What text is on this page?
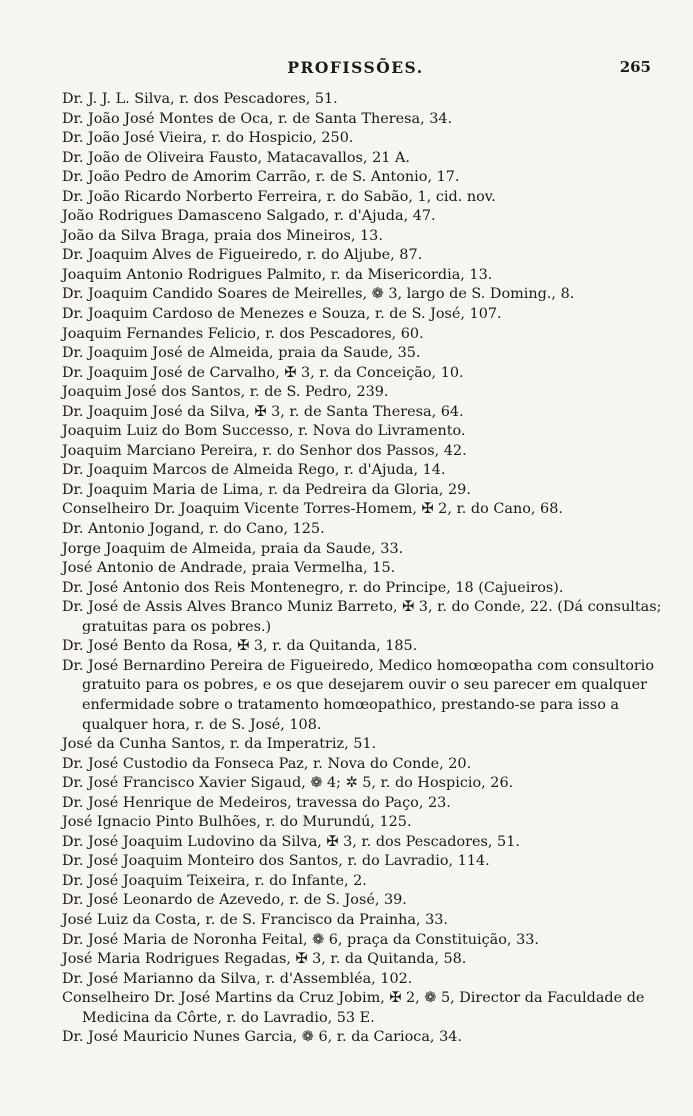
PROFISSÕES.	265
Dr. J. J. L. Silva, r. dos Pescadores, 51.
Dr. João José Montes de Oca, r. de Santa Theresa, 34.
Dr. João José Vieira, r. do Hospicio, 250.
Dr. João de Oliveira Fausto, Matacavallos, 21 A.
Dr. João Pedro de Amorim Carrão, r. de S. Antonio, 17.
Dr. João Ricardo Norberto Ferreira, r. do Sabão, 1, cid. nov.
João Rodrigues Damasceno Salgado, r. d'Ajuda, 47.
João da Silva Braga, praia dos Mineiros, 13.
Dr. Joaquim Alves de Figueiredo, r. do Aljube, 87.
Joaquim Antonio Rodrigues Palmito, r. da Misericordia, 13.
Dr. Joaquim Candido Soares de Meirelles, ❁ 3, largo de S. Doming., 8.
Dr. Joaquim Cardoso de Menezes e Souza, r. de S. José, 107.
Joaquim Fernandes Felicio, r. dos Pescadores, 60.
Dr. Joaquim José de Almeida, praia da Saude, 35.
Dr. Joaquim José de Carvalho, ✠ 3, r. da Conceição, 10.
Joaquim José dos Santos, r. de S. Pedro, 239.
Dr. Joaquim José da Silva, ✠ 3, r. de Santa Theresa, 64.
Joaquim Luiz do Bom Successo, r. Nova do Livramento.
Joaquim Marciano Pereira, r. do Senhor dos Passos, 42.
Dr. Joaquim Marcos de Almeida Rego, r. d'Ajuda, 14.
Dr. Joaquim Maria de Lima, r. da Pedreira da Gloria, 29.
Conselheiro Dr. Joaquim Vicente Torres-Homem, ✠ 2, r. do Cano, 68.
Dr. Antonio Jogand, r. do Cano, 125.
Jorge Joaquim de Almeida, praia da Saude, 33.
José Antonio de Andrade, praia Vermelha, 15.
Dr. José Antonio dos Reis Montenegro, r. do Principe, 18 (Cajueiros).
Dr. José de Assis Alves Branco Muniz Barreto, ✠ 3, r. do Conde, 22. (Dá consultas; gratuitas para os pobres.)
Dr. José Bento da Rosa, ✠ 3, r. da Quitanda, 185.
Dr. José Bernardino Pereira de Figueiredo, Medico homœopatha com consultorio gratuito para os pobres, e os que desejarem ouvir o seu parecer em qualquer enfermidade sobre o tratamento homœopathico, prestando-se para isso a qualquer hora, r. de S. José, 108.
José da Cunha Santos, r. da Imperatriz, 51.
Dr. José Custodio da Fonseca Paz, r. Nova do Conde, 20.
Dr. José Francisco Xavier Sigaud, ❁ 4; ✲ 5, r. do Hospicio, 26.
Dr. José Henrique de Medeiros, travessa do Paço, 23.
José Ignacio Pinto Bulhões, r. do Murundú, 125.
Dr. José Joaquim Ludovino da Silva, ✠ 3, r. dos Pescadores, 51.
Dr. José Joaquim Monteiro dos Santos, r. do Lavradio, 114.
Dr. José Joaquim Teixeira, r. do Infante, 2.
Dr. José Leonardo de Azevedo, r. de S. José, 39.
José Luiz da Costa, r. de S. Francisco da Prainha, 33.
Dr. José Maria de Noronha Feital, ❁ 6, praça da Constituição, 33.
José Maria Rodrigues Regadas, ✠ 3, r. da Quitanda, 58.
Dr. José Marianno da Silva, r. d'Assembléa, 102.
Conselheiro Dr. José Martins da Cruz Jobim, ✠ 2, ❁ 5, Director da Faculdade de Medicina da Côrte, r. do Lavradio, 53 E.
Dr. José Mauricio Nunes Garcia, ❁ 6, r. da Carioca, 34.
